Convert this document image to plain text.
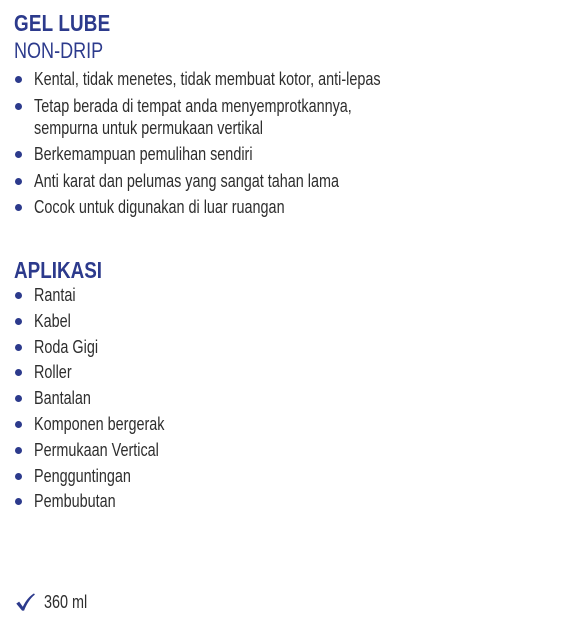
GEL LUBE
NON-DRIP
Kental, tidak menetes, tidak membuat kotor, anti-lepas
Tetap berada di tempat anda menyemprotkannya,
sempurna untuk permukaan vertikal
Berkemampuan pemulihan sendiri
Anti karat dan pelumas yang sangat tahan lama
Cocok untuk digunakan di luar ruangan
APLIKASI
Rantai
Kabel
Roda Gigi
Roller
Bantalan
Komponen bergerak
Permukaan Vertical
Pengguntingan
Pembubutan
360 ml
